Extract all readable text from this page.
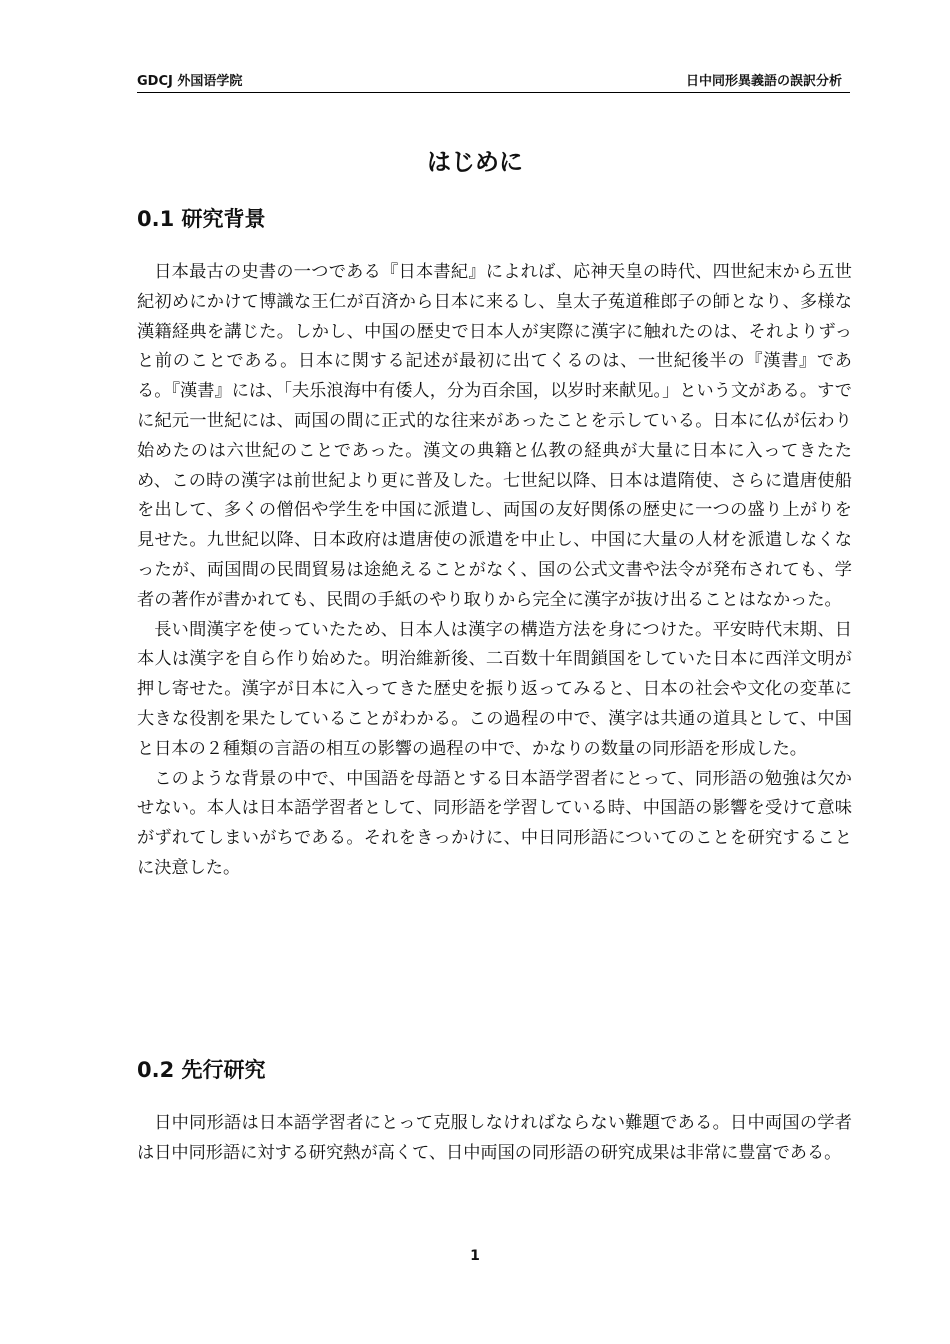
GDCJ 外国语学院	日中同形異義語の誤訳分析
はじめに
0.1 研究背景

日本最古の史書の一つである『日本書紀』によれば、応神天皇の時代、四世紀末から五世紀初めにかけて博識な王仁が百済から日本に来るし、皇太子菟道稚郎子の師となり、多様な漢籍経典を講じた。しかし、中国の歴史で日本人が実際に漢字に触れたのは、それよりずっと前のことである。日本に関する記述が最初に出てくるのは、一世紀後半の『漢書』である。『漢書』には、「夫乐浪海中有倭人，分为百余国，以岁时来献见。」という文がある。すでに紀元一世紀には、両国の間に正式的な往来があったことを示している。日本に仏が伝わり始めたのは六世紀のことであった。漢文の典籍と仏教の経典が大量に日本に入ってきたため、この時の漢字は前世紀より更に普及した。七世紀以降、日本は遣隋使、さらに遣唐使船を出して、多くの僧侶や学生を中国に派遣し、両国の友好関係の歴史に一つの盛り上がりを見せた。九世紀以降、日本政府は遣唐使の派遣を中止し、中国に大量の人材を派遣しなくなったが、両国間の民間貿易は途絶えることがなく、国の公式文書や法令が発布されても、学者の著作が書かれても、民間の手紙のやり取りから完全に漢字が抜け出ることはなかった。

長い間漢字を使っていたため、日本人は漢字の構造方法を身につけた。平安時代末期、日本人は漢字を自ら作り始めた。明治維新後、二百数十年間鎖国をしていた日本に西洋文明が押し寄せた。漢字が日本に入ってきた歴史を振り返ってみると、日本の社会や文化の変革に大きな役割を果たしていることがわかる。この過程の中で、漢字は共通の道具として、中国と日本の２種類の言語の相互の影響の過程の中で、かなりの数量の同形語を形成した。

このような背景の中で、中国語を母語とする日本語学習者にとって、同形語の勉強は欠かせない。本人は日本語学習者として、同形語を学習している時、中国語の影響を受けて意味がずれてしまいがちである。それをきっかけに、中日同形語についてのことを研究することに決意した。

0.2 先行研究

日中同形語は日本語学習者にとって克服しなければならない難題である。日中両国の学者は日中同形語に対する研究熱が高くて、日中両国の同形語の研究成果は非常に豊富である。

1
